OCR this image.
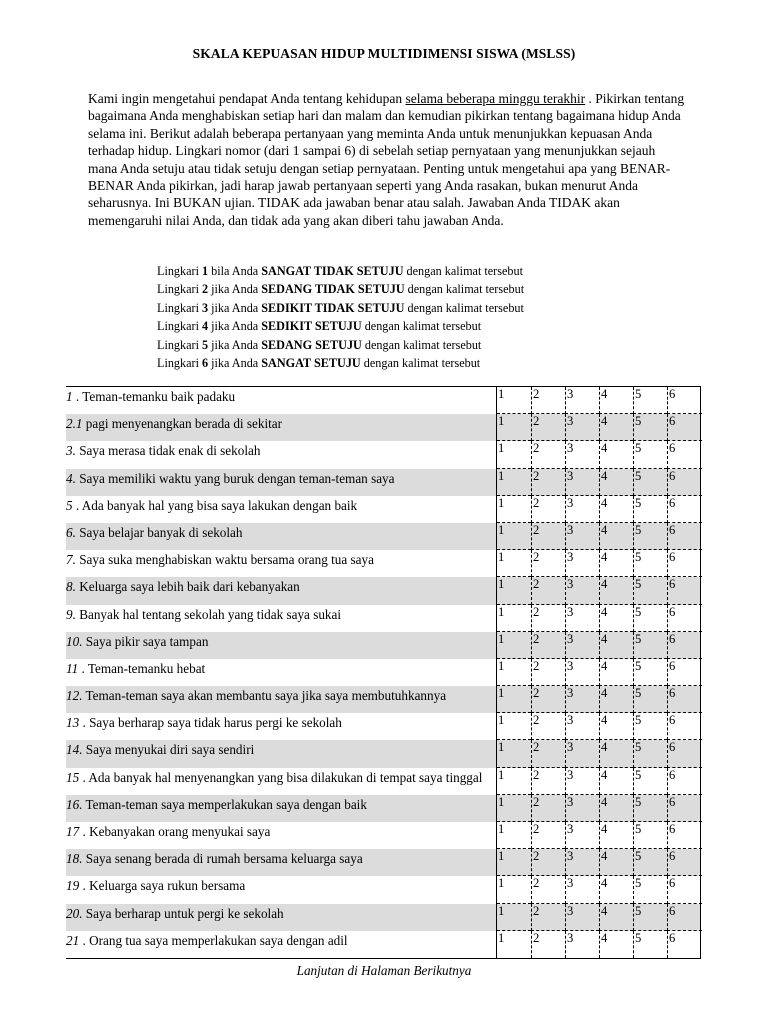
SKALA KEPUASAN HIDUP MULTIDIMENSI SISWA (MSLSS)

Kami ingin mengetahui pendapat Anda tentang kehidupan selama beberapa minggu terakhir . Pikirkan tentang bagaimana Anda menghabiskan setiap hari dan malam dan kemudian pikirkan tentang bagaimana hidup Anda selama ini. Berikut adalah beberapa pertanyaan yang meminta Anda untuk menunjukkan kepuasan Anda terhadap hidup. Lingkari nomor (dari 1 sampai 6) di sebelah setiap pernyataan yang menunjukkan sejauh mana Anda setuju atau tidak setuju dengan setiap pernyataan. Penting untuk mengetahui apa yang BENAR-BENAR Anda pikirkan, jadi harap jawab pertanyaan seperti yang Anda rasakan, bukan menurut Anda seharusnya. Ini BUKAN ujian. TIDAK ada jawaban benar atau salah. Jawaban Anda TIDAK akan memengaruhi nilai Anda, dan tidak ada yang akan diberi tahu jawaban Anda.

Lingkari 1 bila Anda SANGAT TIDAK SETUJU dengan kalimat tersebut
Lingkari 2 jika Anda SEDANG TIDAK SETUJU dengan kalimat tersebut
Lingkari 3 jika Anda SEDIKIT TIDAK SETUJU dengan kalimat tersebut
Lingkari 4 jika Anda SEDIKIT SETUJU dengan kalimat tersebut
Lingkari 5 jika Anda SEDANG SETUJU dengan kalimat tersebut
Lingkari 6 jika Anda SANGAT SETUJU dengan kalimat tersebut
1 . Teman-temanku baik padaku	1	2	3	4	5	6
2.1 pagi menyenangkan berada di sekitar	1	2	3	4	5	6
3. Saya merasa tidak enak di sekolah	1	2	3	4	5	6
4. Saya memiliki waktu yang buruk dengan teman-teman saya	1	2	3	4	5	6
5 . Ada banyak hal yang bisa saya lakukan dengan baik	1	2	3	4	5	6
6. Saya belajar banyak di sekolah	1	2	3	4	5	6
7. Saya suka menghabiskan waktu bersama orang tua saya	1	2	3	4	5	6
8. Keluarga saya lebih baik dari kebanyakan	1	2	3	4	5	6
9. Banyak hal tentang sekolah yang tidak saya sukai	1	2	3	4	5	6
10. Saya pikir saya tampan	1	2	3	4	5	6
11 . Teman-temanku hebat	1	2	3	4	5	6
12. Teman-teman saya akan membantu saya jika saya membutuhkannya	1	2	3	4	5	6
13 . Saya berharap saya tidak harus pergi ke sekolah	1	2	3	4	5	6
14. Saya menyukai diri saya sendiri	1	2	3	4	5	6
15 . Ada banyak hal menyenangkan yang bisa dilakukan di tempat saya tinggal	1	2	3	4	5	6
16. Teman-teman saya memperlakukan saya dengan baik	1	2	3	4	5	6
17 . Kebanyakan orang menyukai saya	1	2	3	4	5	6
18. Saya senang berada di rumah bersama keluarga saya	1	2	3	4	5	6
19 . Keluarga saya rukun bersama	1	2	3	4	5	6
20. Saya berharap untuk pergi ke sekolah	1	2	3	4	5	6
21 . Orang tua saya memperlakukan saya dengan adil	1	2	3	4	5	6
Lanjutan di Halaman Berikutnya
